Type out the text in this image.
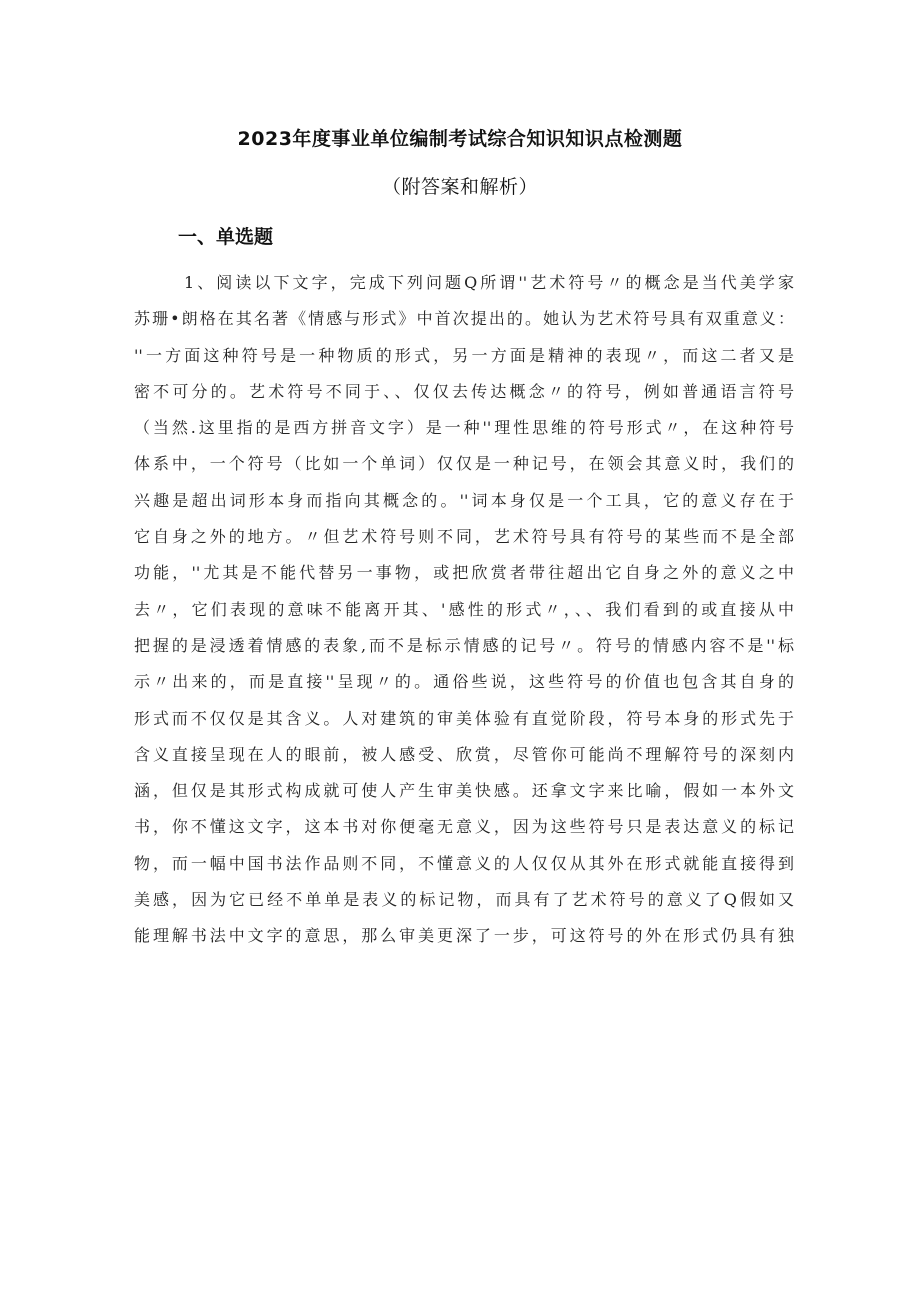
2023年度事业单位编制考试综合知识知识点检测题
（附答案和解析）
一、单选题
1、阅读以下文字，完成下列问题Q所谓''艺术符号〃的概念是当代美学家
苏珊•朗格在其名著《情感与形式》中首次提出的。她认为艺术符号具有双重意义：
''一方面这种符号是一种物质的形式，另一方面是精神的表现〃，而这二者又是
密不可分的。艺术符号不同于、、仅仅去传达概念〃的符号，例如普通语言符号
（当然.这里指的是西方拼音文字）是一种''理性思维的符号形式〃，在这种符号
体系中，一个符号（比如一个单词）仅仅是一种记号，在领会其意义时，我们的
兴趣是超出词形本身而指向其概念的。''词本身仅是一个工具，它的意义存在于
它自身之外的地方。〃但艺术符号则不同，艺术符号具有符号的某些而不是全部
功能，''尤其是不能代替另一事物，或把欣赏者带往超出它自身之外的意义之中
去〃，它们表现的意味不能离开其、'感性的形式〃，、、我们看到的或直接从中
把握的是浸透着情感的表象,而不是标示情感的记号〃。符号的情感内容不是''标
示〃出来的，而是直接''呈现〃的。通俗些说，这些符号的价值也包含其自身的
形式而不仅仅是其含义。人对建筑的审美体验有直觉阶段，符号本身的形式先于
含义直接呈现在人的眼前，被人感受、欣赏，尽管你可能尚不理解符号的深刻内
涵，但仅是其形式构成就可使人产生审美快感。还拿文字来比喻，假如一本外文
书，你不懂这文字，这本书对你便毫无意义，因为这些符号只是表达意义的标记
物，而一幅中国书法作品则不同，不懂意义的人仅仅从其外在形式就能直接得到
美感，因为它已经不单单是表义的标记物，而具有了艺术符号的意义了Q假如又
能理解书法中文字的意思，那么审美更深了一步，可这符号的外在形式仍具有独
